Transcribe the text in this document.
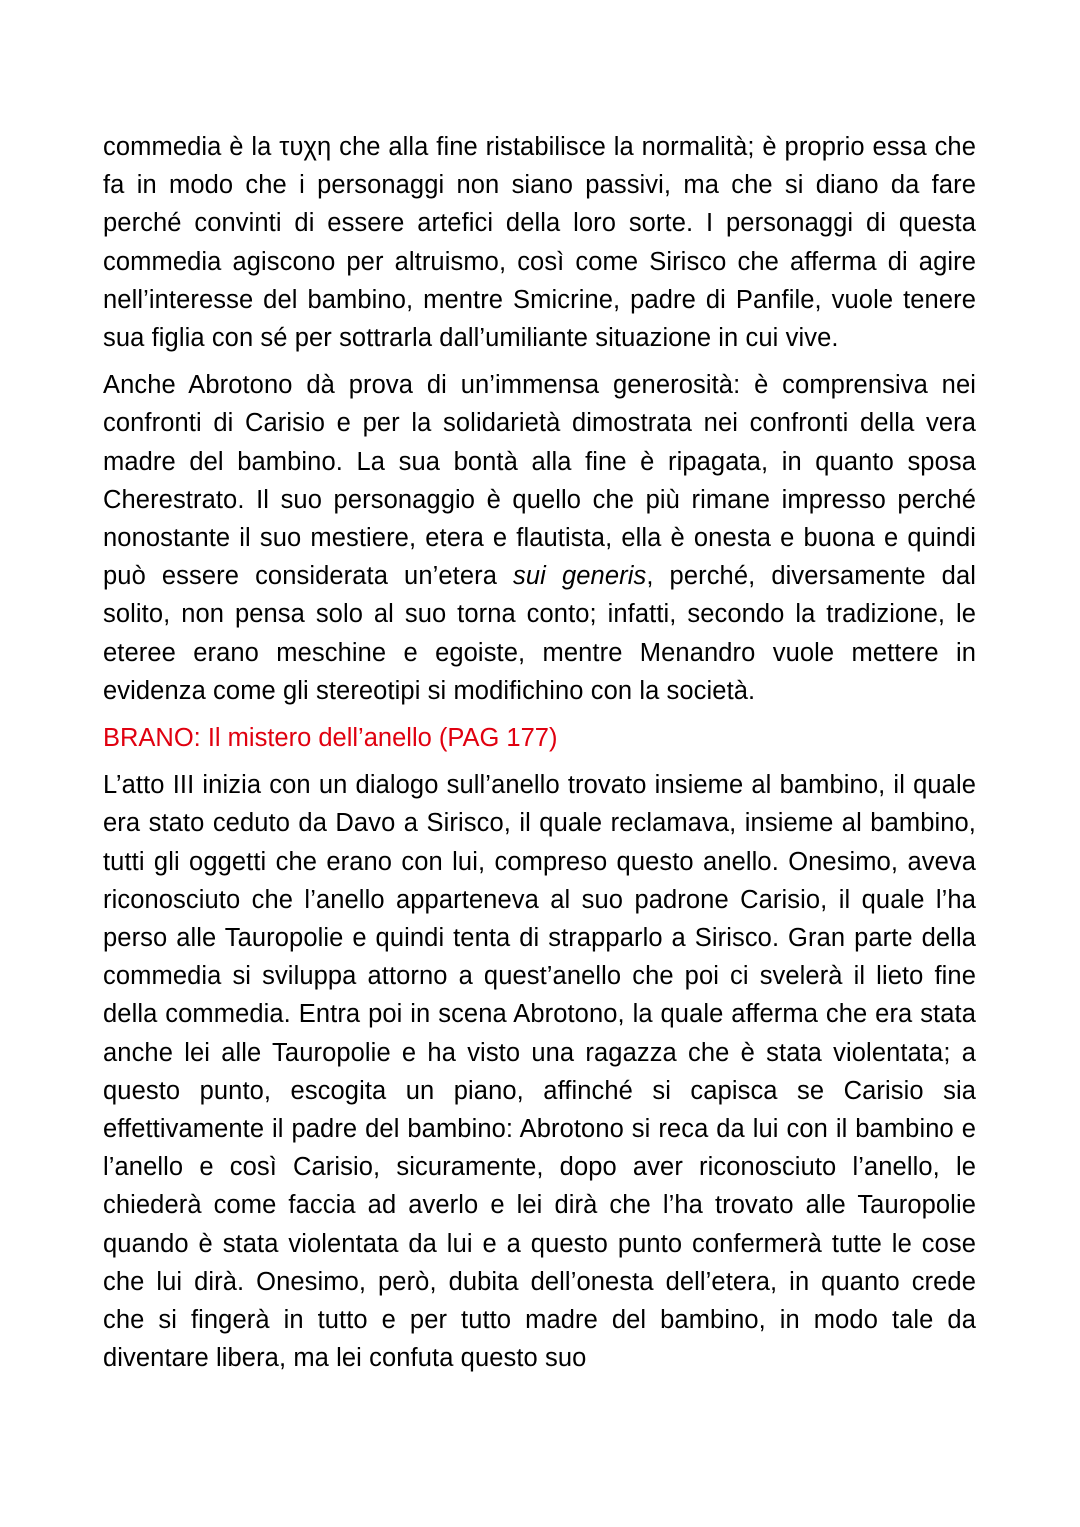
commedia è la τυχη che alla fine ristabilisce la normalità; è proprio essa che fa in modo che i personaggi non siano passivi, ma che si diano da fare perché convinti di essere artefici della loro sorte. I personaggi di questa commedia agiscono per altruismo, così come Sirisco che afferma di agire nell’interesse del bambino, mentre Smicrine, padre di Panfile, vuole tenere sua figlia con sé per sottrarla dall’umiliante situazione in cui vive.

Anche Abrotono dà prova di un’immensa generosità: è comprensiva nei confronti di Carisio e per la solidarietà dimostrata nei confronti della vera madre del bambino. La sua bontà alla fine è ripagata, in quanto sposa Cherestrato. Il suo personaggio è quello che più rimane impresso perché nonostante il suo mestiere, etera e flautista, ella è onesta e buona e quindi può essere considerata un’etera sui generis, perché, diversamente dal solito, non pensa solo al suo torna conto; infatti, secondo la tradizione, le eteree erano meschine e egoiste, mentre Menandro vuole mettere in evidenza come gli stereotipi si modifichino con la società.

BRANO: Il mistero dell’anello (PAG 177)

L’atto III inizia con un dialogo sull’anello trovato insieme al bambino, il quale era stato ceduto da Davo a Sirisco, il quale reclamava, insieme al bambino, tutti gli oggetti che erano con lui, compreso questo anello. Onesimo, aveva riconosciuto che l’anello apparteneva al suo padrone Carisio, il quale l’ha perso alle Tauropolie e quindi tenta di strapparlo a Sirisco. Gran parte della commedia si sviluppa attorno a quest’anello che poi ci svelerà il lieto fine della commedia. Entra poi in scena Abrotono, la quale afferma che era stata anche lei alle Tauropolie e ha visto una ragazza che è stata violentata; a questo punto, escogita un piano, affinché si capisca se Carisio sia effettivamente il padre del bambino: Abrotono si reca da lui con il bambino e l’anello e così Carisio, sicuramente, dopo aver riconosciuto l’anello, le chiederà come faccia ad averlo e lei dirà che l’ha trovato alle Tauropolie quando è stata violentata da lui e a questo punto confermerà tutte le cose che lui dirà. Onesimo, però, dubita dell’onesta dell’etera, in quanto crede che si fingerà in tutto e per tutto madre del bambino, in modo tale da diventare libera, ma lei confuta questo suo
